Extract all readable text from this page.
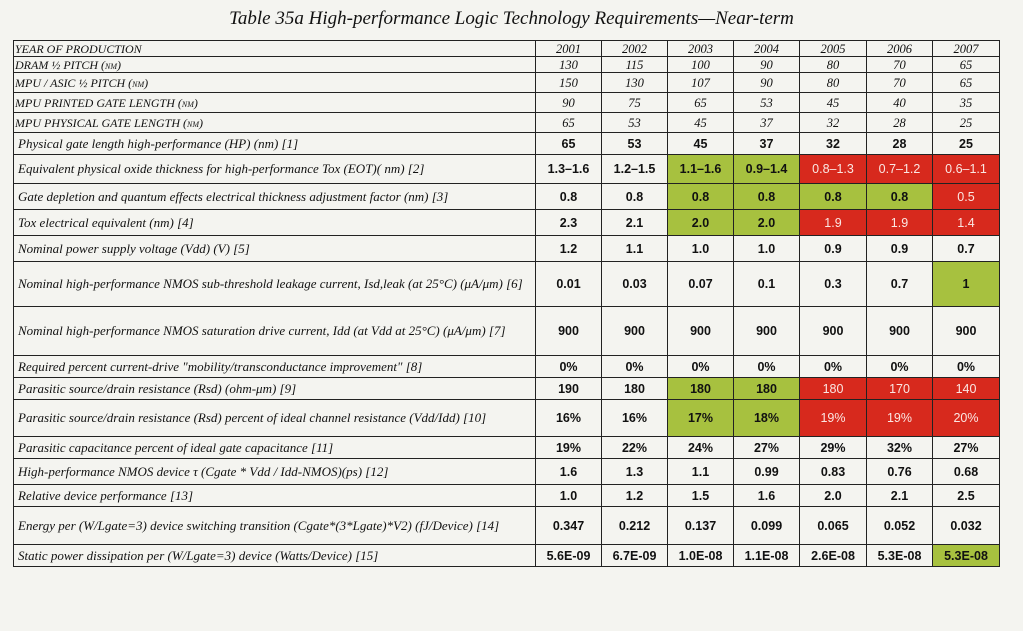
Table 35a High-performance Logic Technology Requirements—Near-term
YEAR OF PRODUCTION	2001	2002	2003	2004	2005	2006	2007
DRAM ½ PITCH (nm)	130	115	100	90	80	70	65
MPU / ASIC ½ PITCH (nm)	150	130	107	90	80	70	65
MPU PRINTED GATE LENGTH (nm)	90	75	65	53	45	40	35
MPU PHYSICAL GATE LENGTH (nm)	65	53	45	37	32	28	25
Physical gate length high-performance (HP) (nm) [1]	65	53	45	37	32	28	25
Equivalent physical oxide thickness for high-performance Tox (EOT)( nm) [2]	1.3–1.6	1.2–1.5	1.1–1.6	0.9–1.4	0.8–1.3	0.7–1.2	0.6–1.1
Gate depletion and quantum effects electrical thickness adjustment factor (nm) [3]	0.8	0.8	0.8	0.8	0.8	0.8	0.5
Tox electrical equivalent (nm) [4]	2.3	2.1	2.0	2.0	1.9	1.9	1.4
Nominal power supply voltage (Vdd) (V) [5]	1.2	1.1	1.0	1.0	0.9	0.9	0.7
Nominal high-performance NMOS sub-threshold leakage current, Isd,leak (at 25°C) (μA/μm) [6]	0.01	0.03	0.07	0.1	0.3	0.7	1
Nominal high-performance NMOS saturation drive current, Idd (at Vdd at 25°C) (μA/μm) [7]	900	900	900	900	900	900	900
Required percent current-drive "mobility/transconductance improvement" [8]	0%	0%	0%	0%	0%	0%	0%
Parasitic source/drain resistance (Rsd) (ohm-μm) [9]	190	180	180	180	180	170	140
Parasitic source/drain resistance (Rsd) percent of ideal channel resistance (Vdd/Idd) [10]	16%	16%	17%	18%	19%	19%	20%
Parasitic capacitance percent of ideal gate capacitance [11]	19%	22%	24%	27%	29%	32%	27%
High-performance NMOS device τ (Cgate * Vdd / Idd-NMOS)(ps) [12]	1.6	1.3	1.1	0.99	0.83	0.76	0.68
Relative device performance [13]	1.0	1.2	1.5	1.6	2.0	2.1	2.5
Energy per (W/Lgate=3) device switching transition (Cgate*(3*Lgate)*V2) (fJ/Device) [14]	0.347	0.212	0.137	0.099	0.065	0.052	0.032
Static power dissipation per (W/Lgate=3) device (Watts/Device) [15]	5.6E-09	6.7E-09	1.0E-08	1.1E-08	2.6E-08	5.3E-08	5.3E-08
